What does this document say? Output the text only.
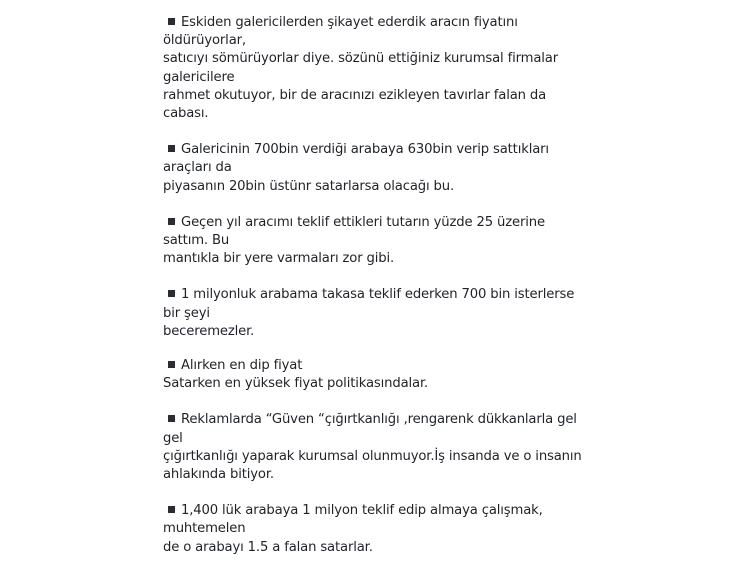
Eskiden galericilerden şikayet ederdik aracın fiyatını öldürüyorlar,
satıcıyı sömürüyorlar diye. sözünü ettiğiniz kurumsal firmalar galericilere
rahmet okutuyor, bir de aracınızı ezikleyen tavırlar falan da cabası.
Galericinin 700bin verdiği arabaya 630bin verip sattıkları araçları da
piyasanın 20bin üstünr satarlarsa olacağı bu.
Geçen yıl aracımı teklif ettikleri tutarın yüzde 25 üzerine sattım. Bu
mantıkla bir yere varmaları zor gibi.
1 milyonluk arabama takasa teklif ederken 700 bin isterlerse bir şeyi
beceremezler.
Alırken en dip fiyat
Satarken en yüksek fiyat politikasındalar.
Reklamlarda “Güven “çığırtkanlığı ,rengarenk dükkanlarla gel gel
çığırtkanlığı yaparak kurumsal olunmuyor.İş insanda ve o insanın
ahlakında bitiyor.
1,400 lük arabaya 1 milyon teklif edip almaya çalışmak, muhtemelen
de o arabayı 1.5 a falan satarlar.
